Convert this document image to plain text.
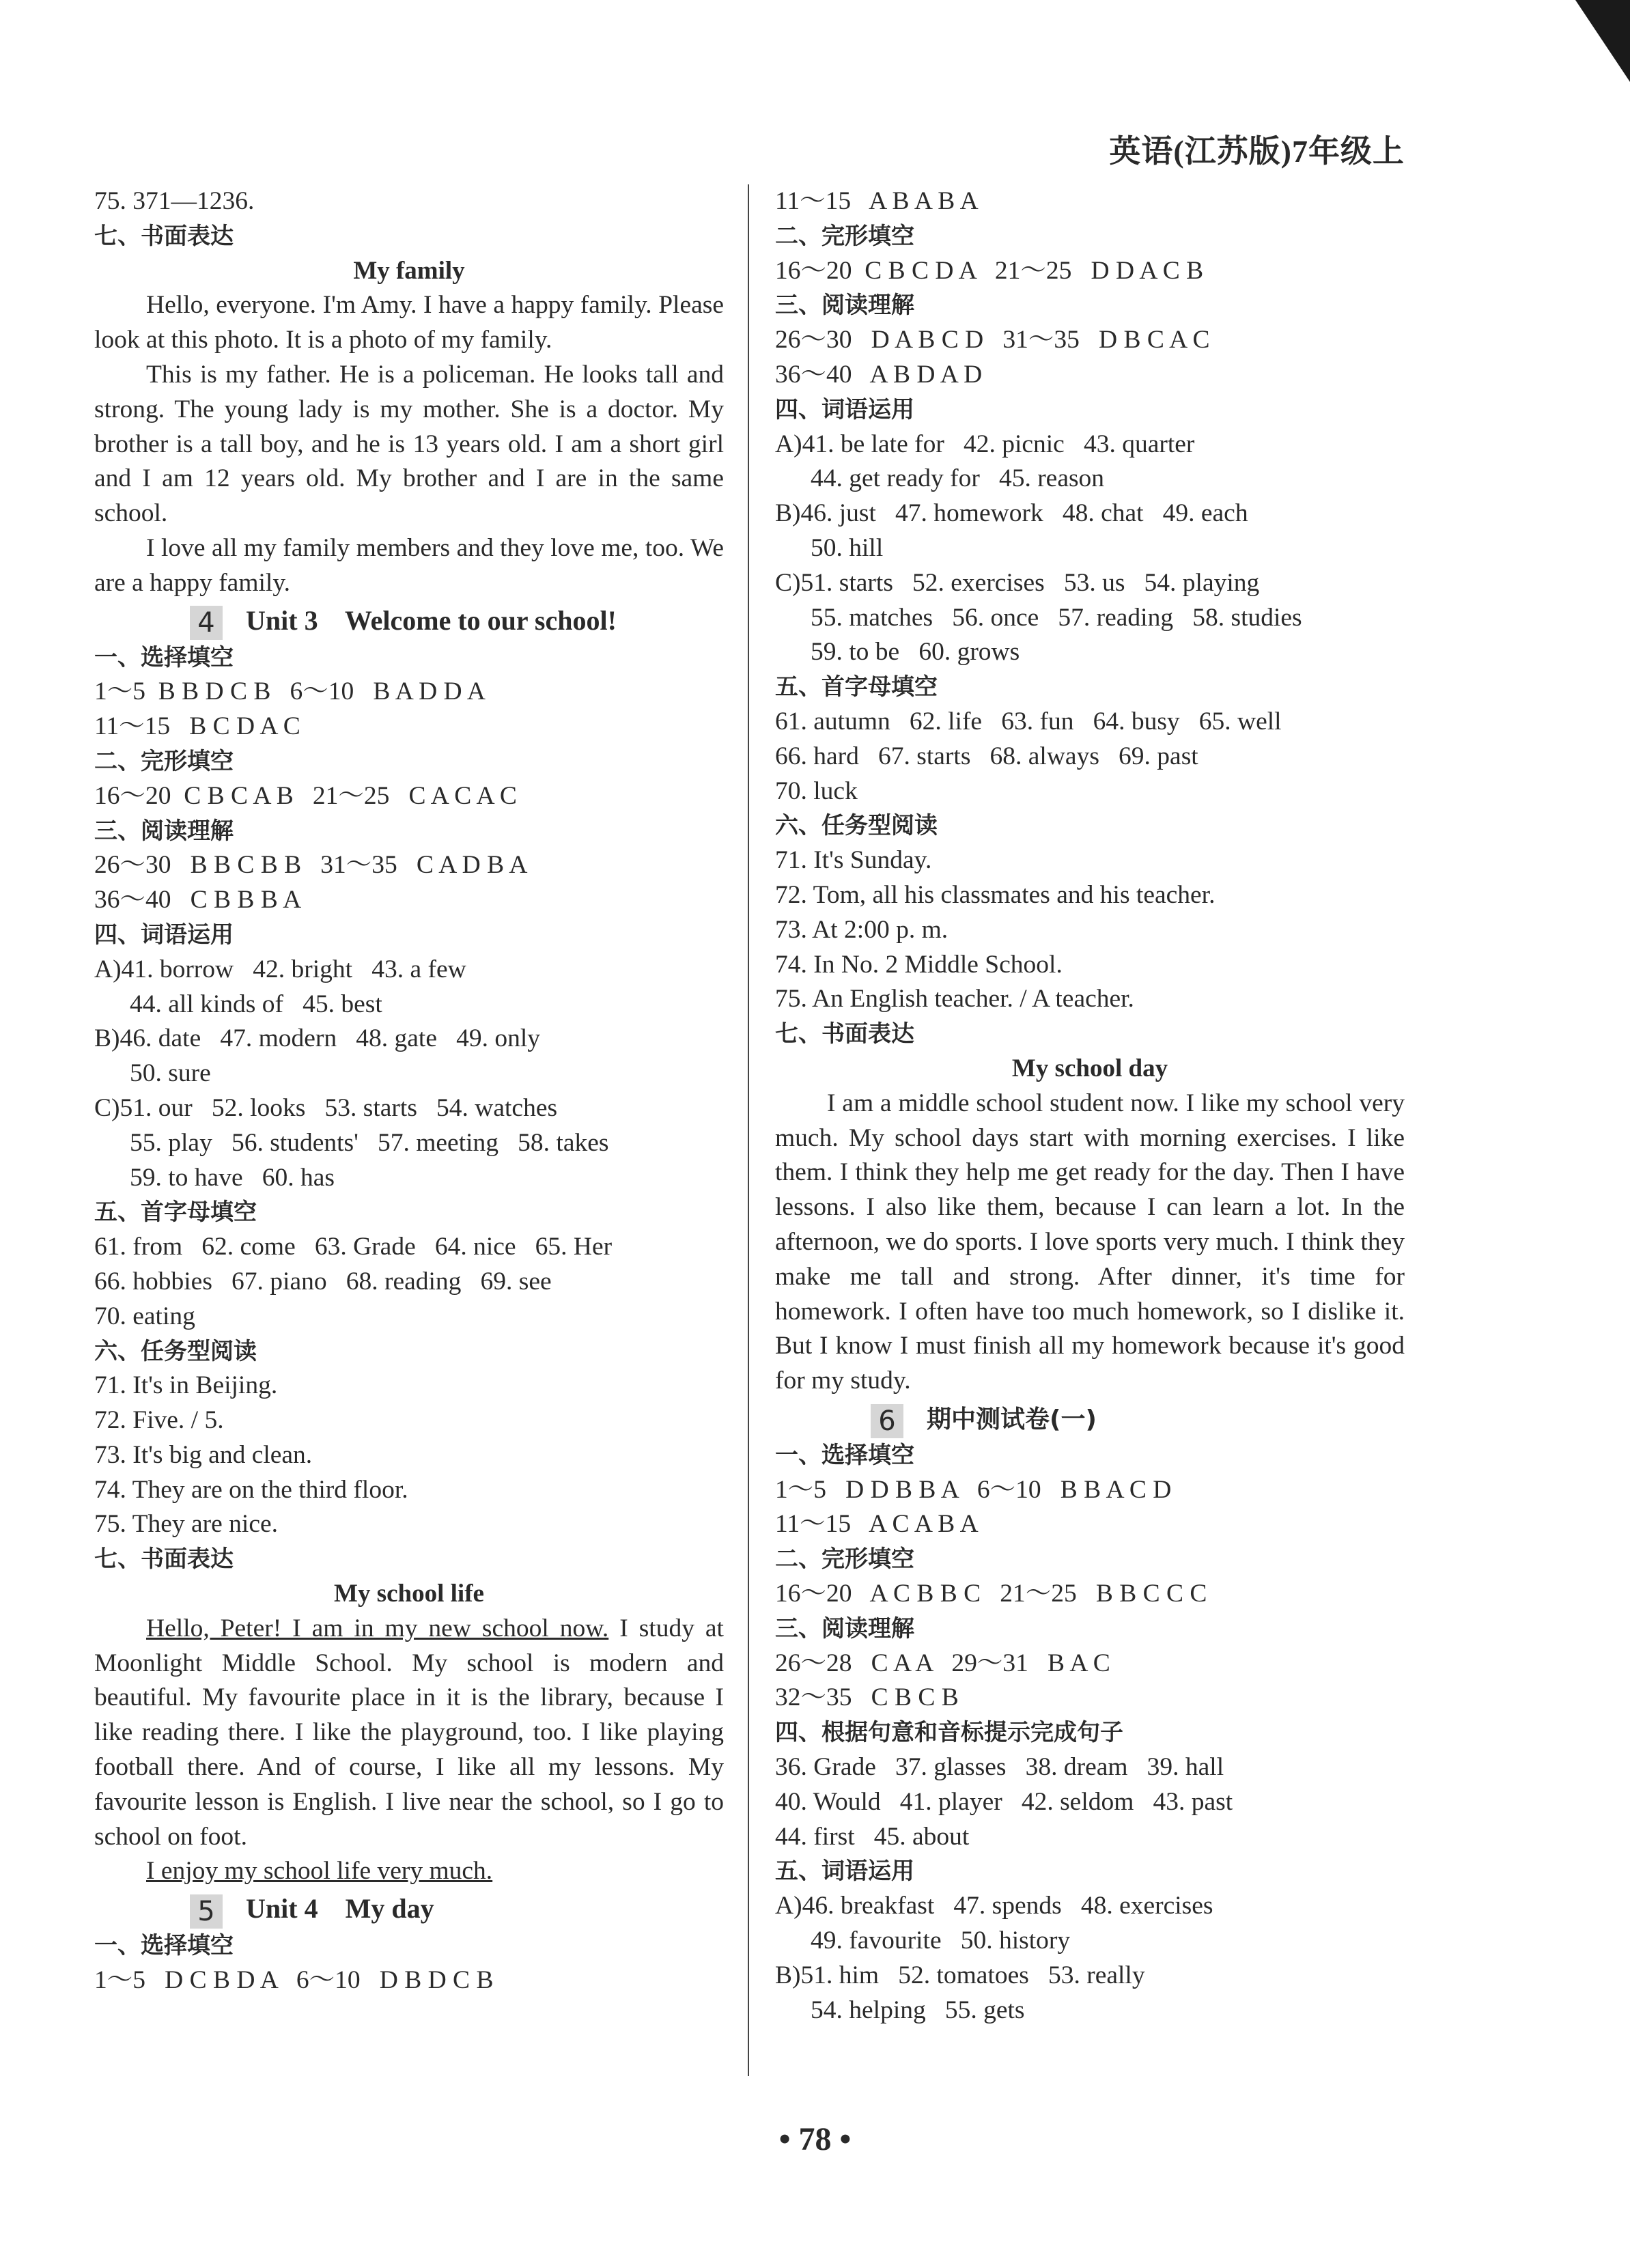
英语(江苏版)7年级上
75. 371—1236.
七、书面表达
My family
Hello, everyone. I'm Amy. I have a happy family. Please look at this photo. It is a photo of my family.
This is my father. He is a policeman. He looks tall and strong. The young lady is my mother. She is a doctor. My brother is a tall boy, and he is 13 years old. I am a short girl and I am 12 years old. My brother and I are in the same school.
I love all my family members and they love me, too. We are a happy family.
4 Unit 3    Welcome to our school!
一、选择填空
1～5  B B D C B   6～10   B A D D A
11～15   B C D A C
二、完形填空
16～20  C B C A B   21～25   C A C A C
三、阅读理解
26～30   B B C B B   31～35   C A D B A
36～40   C B B B A
四、词语运用
A)41. borrow   42. bright   43. a few
44. all kinds of   45. best
B)46. date   47. modern   48. gate   49. only
50. sure
C)51. our   52. looks   53. starts   54. watches
55. play   56. students'   57. meeting   58. takes
59. to have   60. has
五、首字母填空
61. from   62. come   63. Grade   64. nice   65. Her
66. hobbies   67. piano   68. reading   69. see
70. eating
六、任务型阅读
71. It's in Beijing.
72. Five. / 5.
73. It's big and clean.
74. They are on the third floor.
75. They are nice.
七、书面表达
My school life
Hello, Peter! I am in my new school now. I study at Moonlight Middle School. My school is modern and beautiful. My favourite place in it is the library, because I like reading there. I like the playground, too. I like playing football there. And of course, I like all my lessons. My favourite lesson is English. I live near the school, so I go to school on foot.
I enjoy my school life very much.
5 Unit 4    My day
一、选择填空
1～5   D C B D A   6～10   D B D C B
11～15   A B A B A
二、完形填空
16～20  C B C D A   21～25   D D A C B
三、阅读理解
26～30   D A B C D   31～35   D B C A C
36～40   A B D A D
四、词语运用
A)41. be late for   42. picnic   43. quarter
44. get ready for   45. reason
B)46. just   47. homework   48. chat   49. each
50. hill
C)51. starts   52. exercises   53. us   54. playing
55. matches   56. once   57. reading   58. studies
59. to be   60. grows
五、首字母填空
61. autumn   62. life   63. fun   64. busy   65. well
66. hard   67. starts   68. always   69. past
70. luck
六、任务型阅读
71. It's Sunday.
72. Tom, all his classmates and his teacher.
73. At 2:00 p. m.
74. In No. 2 Middle School.
75. An English teacher. / A teacher.
七、书面表达
My school day
I am a middle school student now. I like my school very much. My school days start with morning exercises. I like them. I think they help me get ready for the day. Then I have lessons. I also like them, because I can learn a lot. In the afternoon, we do sports. I love sports very much. I think they make me tall and strong. After dinner, it's time for homework. I often have too much homework, so I dislike it. But I know I must finish all my homework because it's good for my study.
6 期中测试卷(一)
一、选择填空
1～5   D D B B A   6～10   B B A C D
11～15   A C A B A
二、完形填空
16～20   A C B B C   21～25   B B C C C
三、阅读理解
26～28   C A A   29～31   B A C
32～35   C B C B
四、根据句意和音标提示完成句子
36. Grade   37. glasses   38. dream   39. hall
40. Would   41. player   42. seldom   43. past
44. first   45. about
五、词语运用
A)46. breakfast   47. spends   48. exercises
49. favourite   50. history
B)51. him   52. tomatoes   53. really
54. helping   55. gets
• 78 •
